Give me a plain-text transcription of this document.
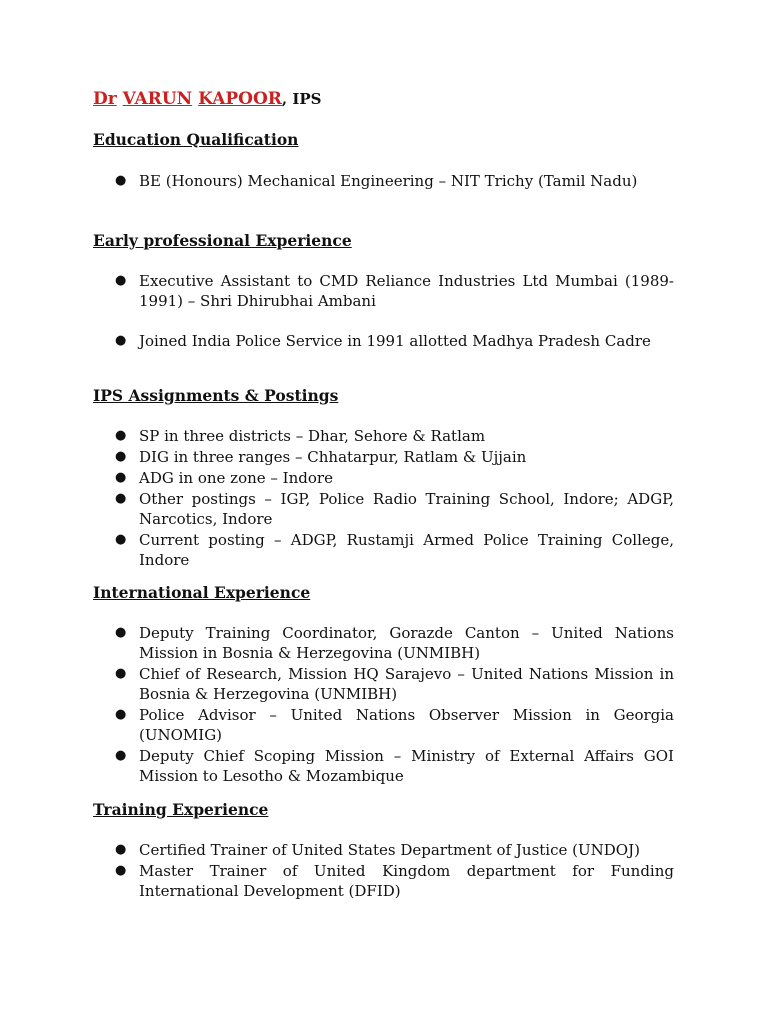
Dr VARUN KAPOOR, IPS
Education Qualification
● BE (Honours) Mechanical Engineering – NIT Trichy (Tamil Nadu)
Early professional Experience
● Executive Assistant to CMD Reliance Industries Ltd Mumbai (1989-1991) – Shri Dhirubhai Ambani
● Joined India Police Service in 1991 allotted Madhya Pradesh Cadre
IPS Assignments & Postings
● SP in three districts – Dhar, Sehore & Ratlam
● DIG in three ranges – Chhatarpur, Ratlam & Ujjain
● ADG in one zone – Indore
● Other postings – IGP, Police Radio Training School, Indore; ADGP, Narcotics, Indore
● Current posting – ADGP, Rustamji Armed Police Training College, Indore
International Experience
● Deputy Training Coordinator, Gorazde Canton – United Nations Mission in Bosnia & Herzegovina (UNMIBH)
● Chief of Research, Mission HQ Sarajevo – United Nations Mission in Bosnia & Herzegovina (UNMIBH)
● Police Advisor – United Nations Observer Mission in Georgia (UNOMIG)
● Deputy Chief Scoping Mission – Ministry of External Affairs GOI Mission to Lesotho & Mozambique
Training Experience
● Certified Trainer of United States Department of Justice (UNDOJ)
● Master Trainer of United Kingdom department for Funding International Development (DFID)
